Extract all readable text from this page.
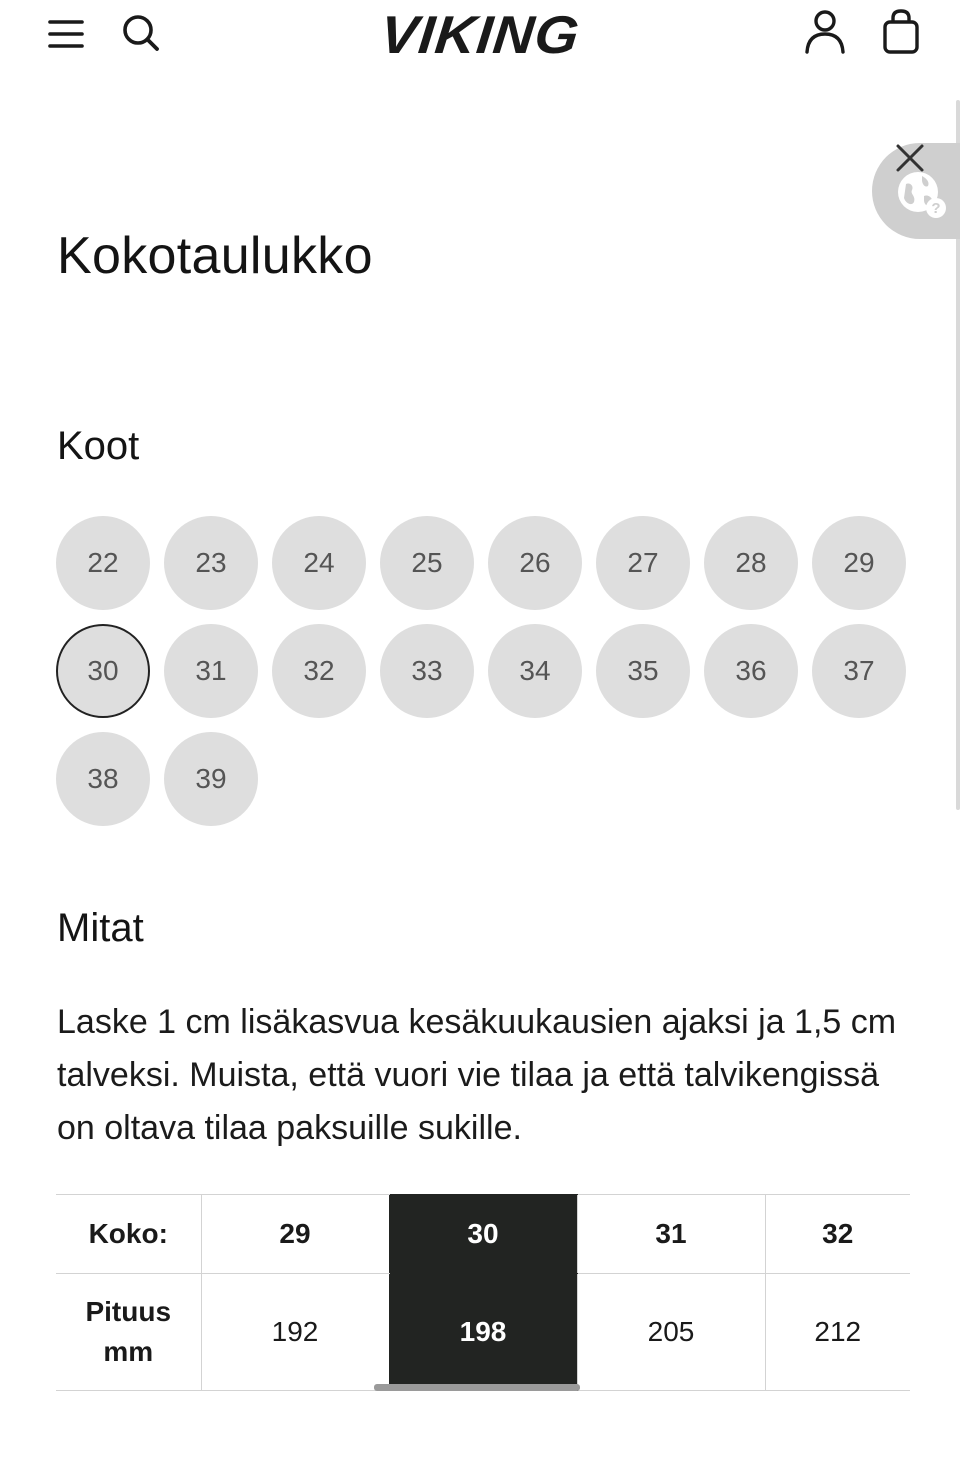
VIKING
?
Kokotaulukko
Koot
22	23	24	25	26	27	28	29
30	31	32	33	34	35	36	37
38	39
Mitat

Laske 1 cm lisäkasvua kesäkuukausien ajaksi ja 1,5 cm talveksi. Muista, että vuori vie tilaa ja että talvikengissä on oltava tilaa paksuille sukille.

Koko:	29	30	31	32
Pituus
mm	192	198	205	212
